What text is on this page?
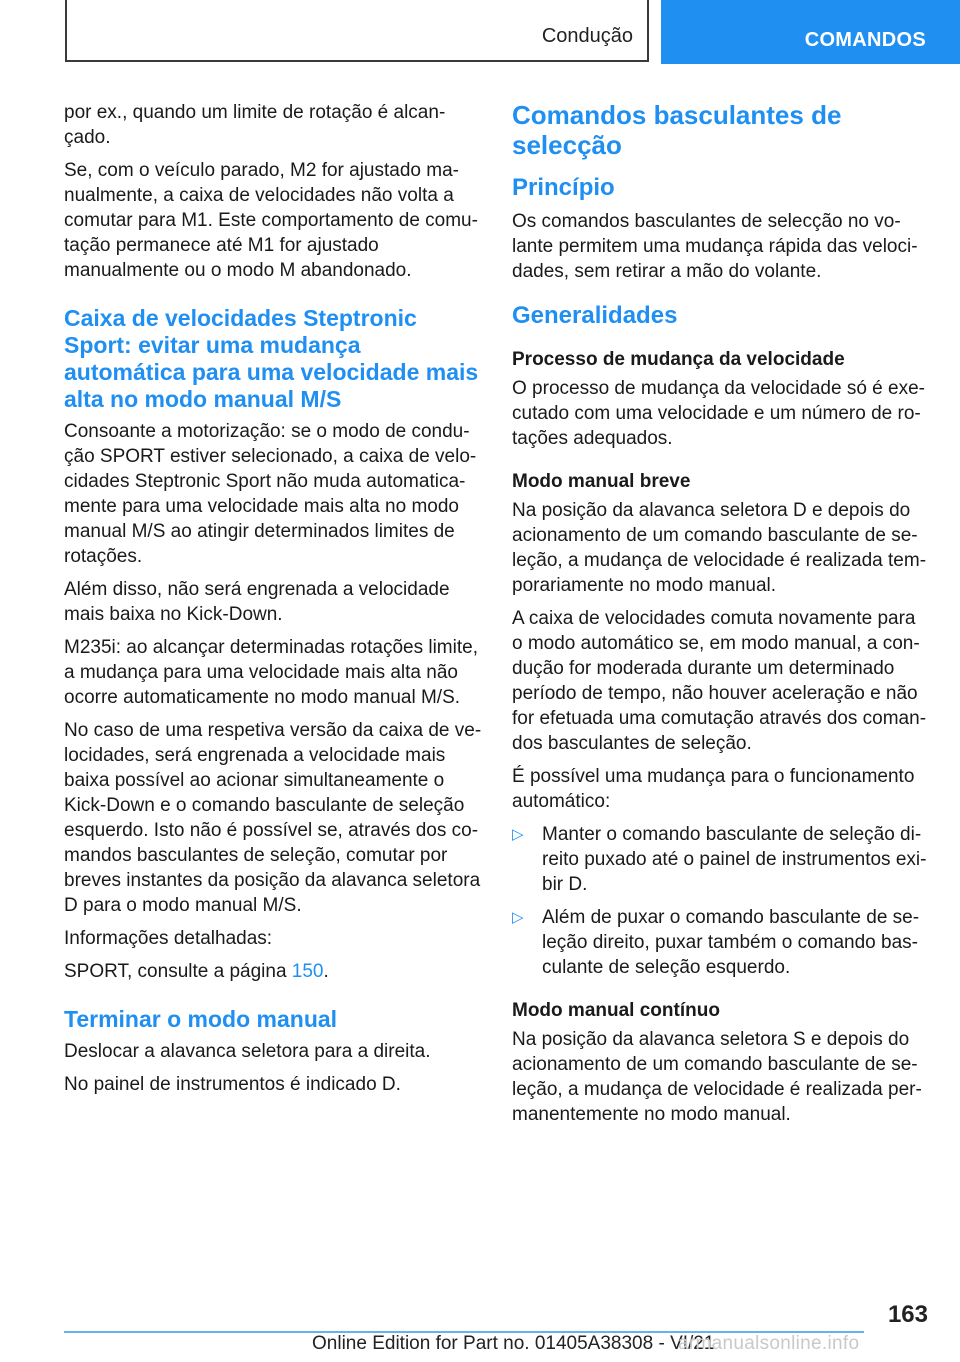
Condução	COMANDOS

por ex., quando um limite de rotação é alcançado.

Se, com o veículo parado, M2 for ajustado manualmente, a caixa de velocidades não volta a comutar para M1. Este comportamento de comutação permanece até M1 for ajustado manualmente ou o modo M abandonado.

Caixa de velocidades Steptronic Sport: evitar uma mudança automática para uma velocidade mais alta no modo manual M/S

Consoante a motorização: se o modo de condução SPORT estiver selecionado, a caixa de velocidades Steptronic Sport não muda automaticamente para uma velocidade mais alta no modo manual M/S ao atingir determinados limites de rotações.

Além disso, não será engrenada a velocidade mais baixa no Kick-Down.

M235i: ao alcançar determinadas rotações limite, a mudança para uma velocidade mais alta não ocorre automaticamente no modo manual M/S.

No caso de uma respetiva versão da caixa de velocidades, será engrenada a velocidade mais baixa possível ao acionar simultaneamente o Kick-Down e o comando basculante de seleção esquerdo. Isto não é possível se, através dos comandos basculantes de seleção, comutar por breves instantes da posição da alavanca seletora D para o modo manual M/S.

Informações detalhadas:

SPORT, consulte a página 150.

Terminar o modo manual

Deslocar a alavanca seletora para a direita.

No painel de instrumentos é indicado D.

Comandos basculantes de selecção
Princípio

Os comandos basculantes de selecção no volante permitem uma mudança rápida das velocidades, sem retirar a mão do volante.

Generalidades
Processo de mudança da velocidade

O processo de mudança da velocidade só é executado com uma velocidade e um número de rotações adequados.

Modo manual breve

Na posição da alavanca seletora D e depois do acionamento de um comando basculante de seleção, a mudança de velocidade é realizada temporariamente no modo manual.

A caixa de velocidades comuta novamente para o modo automático se, em modo manual, a condução for moderada durante um determinado período de tempo, não houver aceleração e não for efetuada uma comutação através dos comandos basculantes de seleção.

É possível uma mudança para o funcionamento automático:

▷ Manter o comando basculante de seleção direito puxado até o painel de instrumentos exibir D.
▷ Além de puxar o comando basculante de seleção direito, puxar também o comando basculante de seleção esquerdo.
Modo manual contínuo

Na posição da alavanca seletora S e depois do acionamento de um comando basculante de seleção, a mudança de velocidade é realizada permanentemente no modo manual.

163
Online Edition for Part no. 01405A38308 - VI/21
armanualsonline.info
